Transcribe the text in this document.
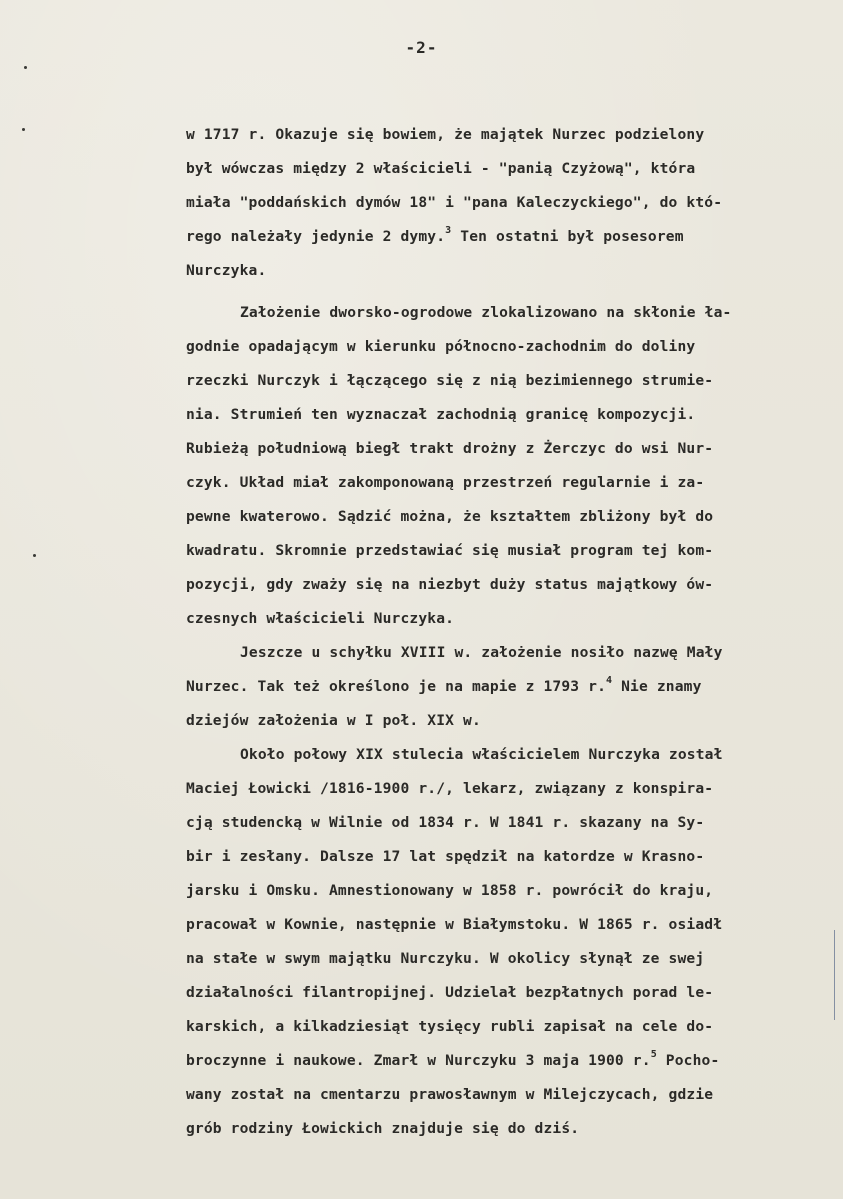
-2-
w 1717 r. Okazuje się bowiem, że majątek Nurzec podzielony
był wówczas między 2 właścicieli - "panią Czyżową", która
miała "poddańskich dymów 18" i "pana Kaleczyckiego", do któ-
rego należały jedynie 2 dymy.$^3$ Ten ostatni był posesorem
Nurczyka.
Założenie dworsko-ogrodowe zlokalizowano na skłonie ła-
godnie opadającym w kierunku północno-zachodnim do doliny
rzeczki Nurczyk i łączącego się z nią bezimiennego strumie-
nia. Strumień ten wyznaczał zachodnią granicę kompozycji.
Rubieżą południową biegł trakt drożny z Żerczyc do wsi Nur-
czyk. Układ miał zakomponowaną przestrzeń regularnie i za-
pewne kwaterowo. Sądzić można, że kształtem zbliżony był do
kwadratu. Skromnie przedstawiać się musiał program tej kom-
pozycji, gdy zważy się na niezbyt duży status majątkowy ów-
czesnych właścicieli Nurczyka.
Jeszcze u schyłku XVIII w. założenie nosiło nazwę Mały
Nurzec. Tak też określono je na mapie z 1793 r.$^4$ Nie znamy
dziejów założenia w I poł. XIX w.
Około połowy XIX stulecia właścicielem Nurczyka został
Maciej Łowicki /1816-1900 r./, lekarz, związany z konspira-
cją studencką w Wilnie od 1834 r. W 1841 r. skazany na Sy-
bir i zesłany. Dalsze 17 lat spędził na katordze w Krasno-
jarsku i Omsku. Amnestionowany w 1858 r. powrócił do kraju,
pracował w Kownie, następnie w Białymstoku. W 1865 r. osiadł
na stałe w swym majątku Nurczyku. W okolicy słynął ze swej
działalności filantropijnej. Udzielał bezpłatnych porad le-
karskich, a kilkadziesiąt tysięcy rubli zapisał na cele do-
broczynne i naukowe. Zmarł w Nurczyku 3 maja 1900 r.$^5$ Pocho-
wany został na cmentarzu prawosławnym w Milejczycach, gdzie
grób rodziny Łowickich znajduje się do dziś.
